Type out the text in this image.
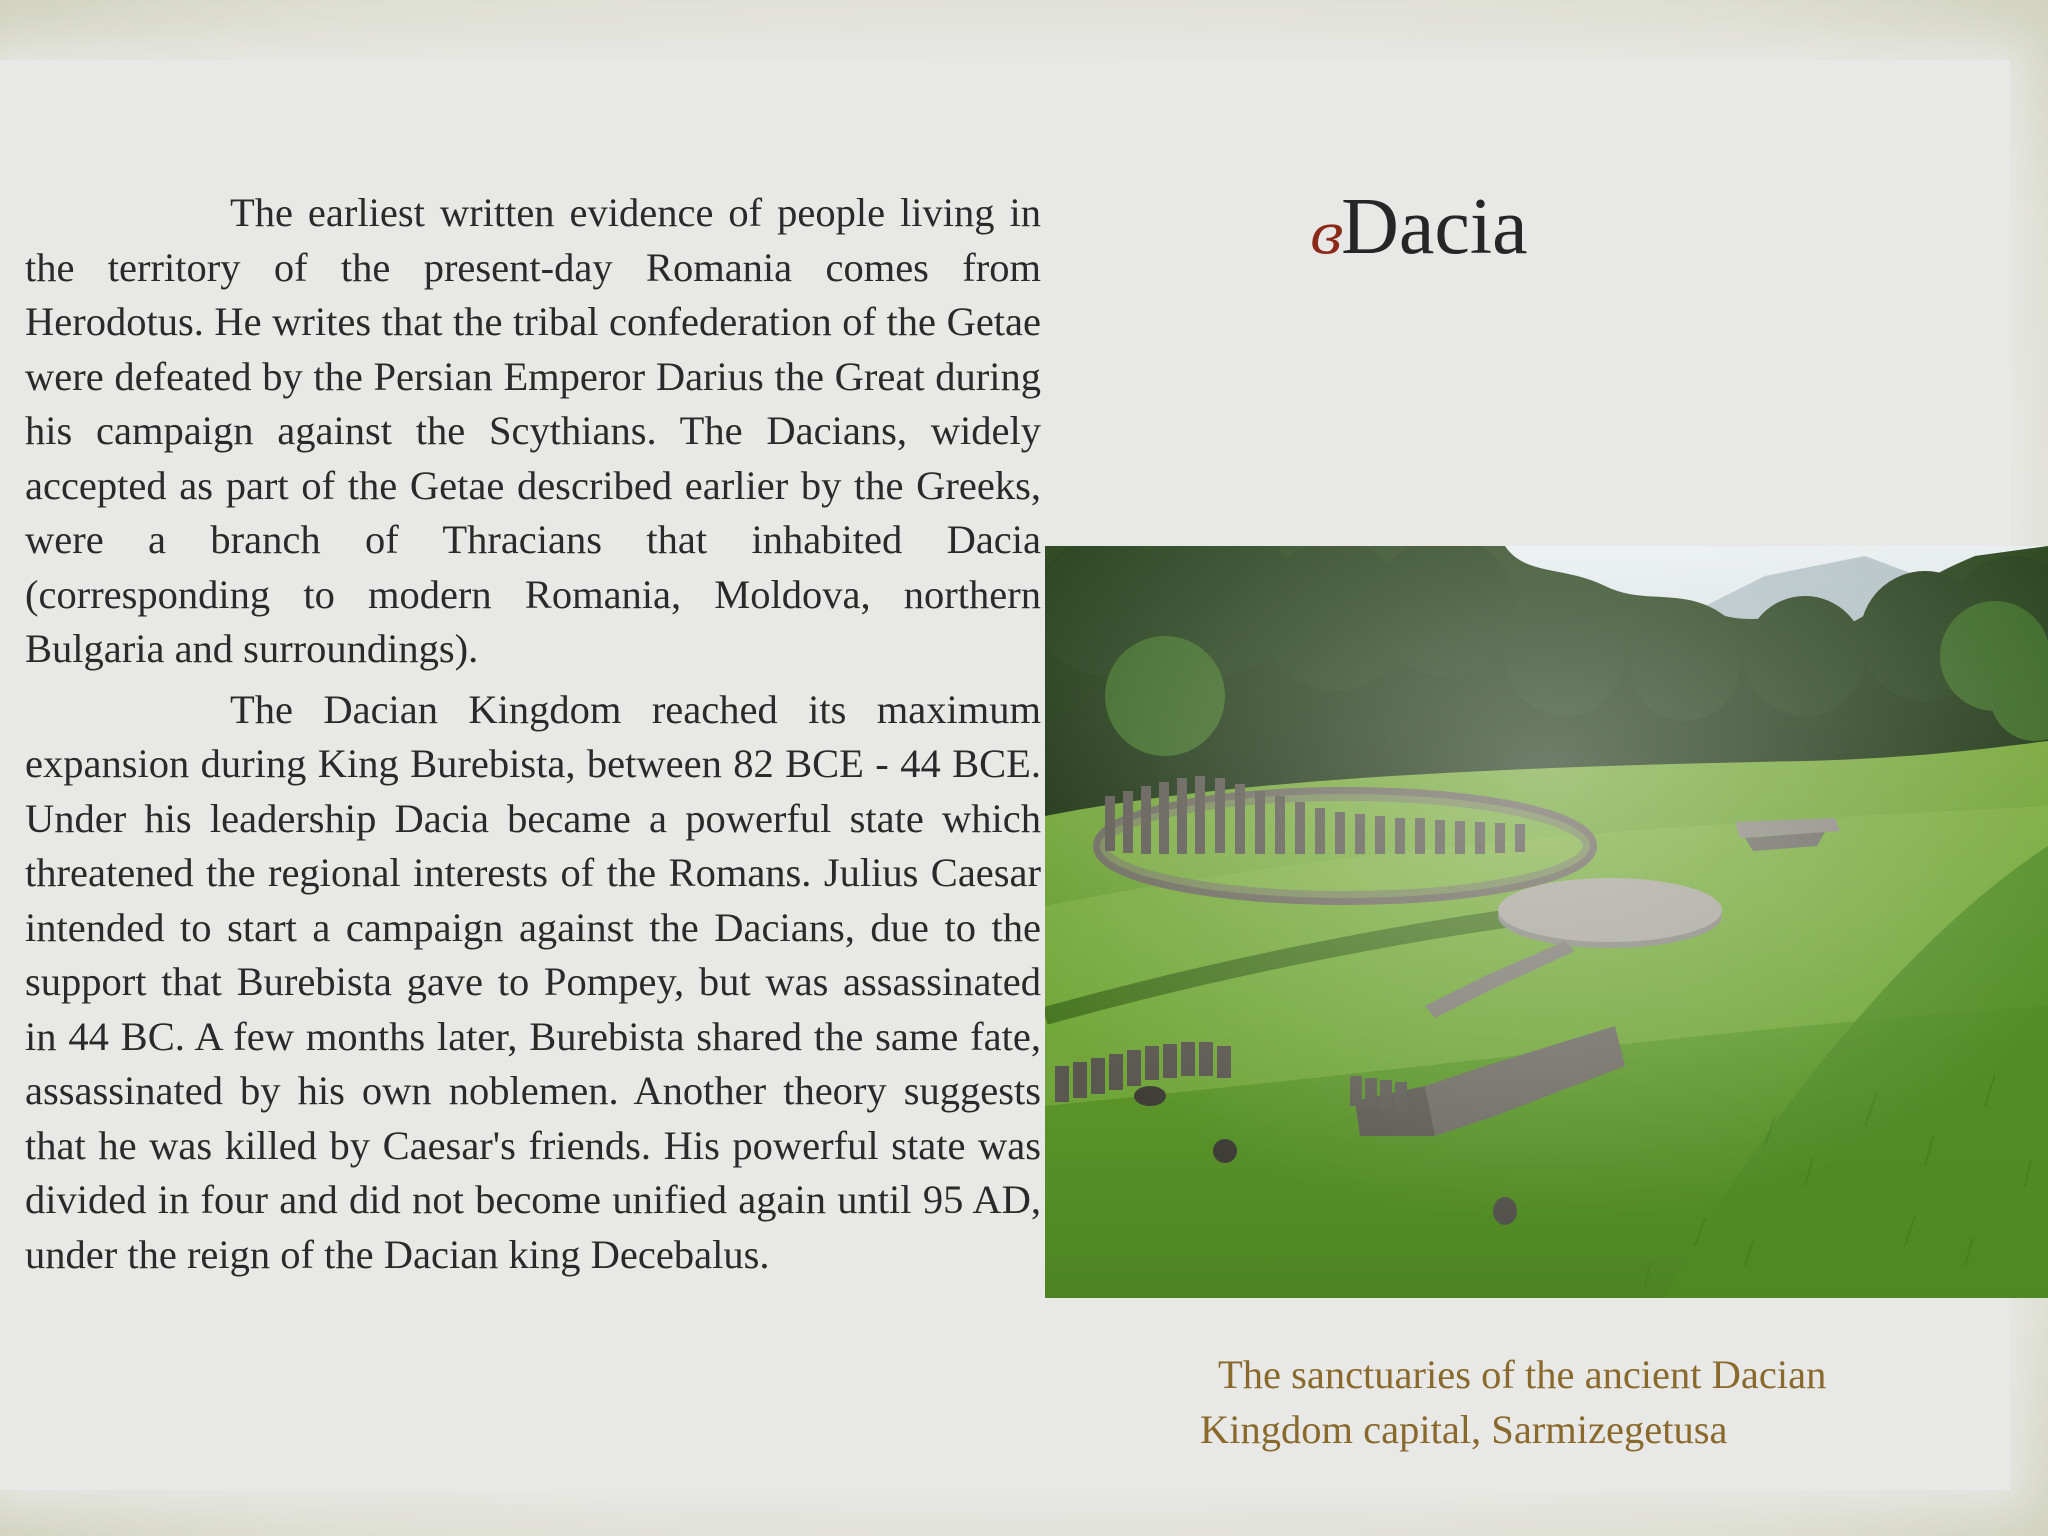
The earliest written evidence of people living in the territory of the present-day Romania comes from Herodotus. He writes that the tribal confederation of the Getae were defeated by the Persian Emperor Darius the Great during his campaign against the Scythians. The Dacians, widely accepted as part of the Getae described earlier by the Greeks, were a branch of Thracians that inhabited Dacia (corresponding to modern Romania, Moldova, northern Bulgaria and surroundings).

The Dacian Kingdom reached its maximum expansion during King Burebista, between 82 BCE - 44 BCE. Under his leadership Dacia became a powerful state which threatened the regional interests of the Romans. Julius Caesar intended to start a campaign against the Dacians, due to the support that Burebista gave to Pompey, but was assassinated in 44 BC. A few months later, Burebista shared the same fate, assassinated by his own noblemen. Another theory suggests that he was killed by Caesar's friends. His powerful state was divided in four and did not become unified again until 95 AD, under the reign of the Dacian king Decebalus.

ɞ Dacia
The sanctuaries of the ancient Dacian
Kingdom capital, Sarmizegetusa
